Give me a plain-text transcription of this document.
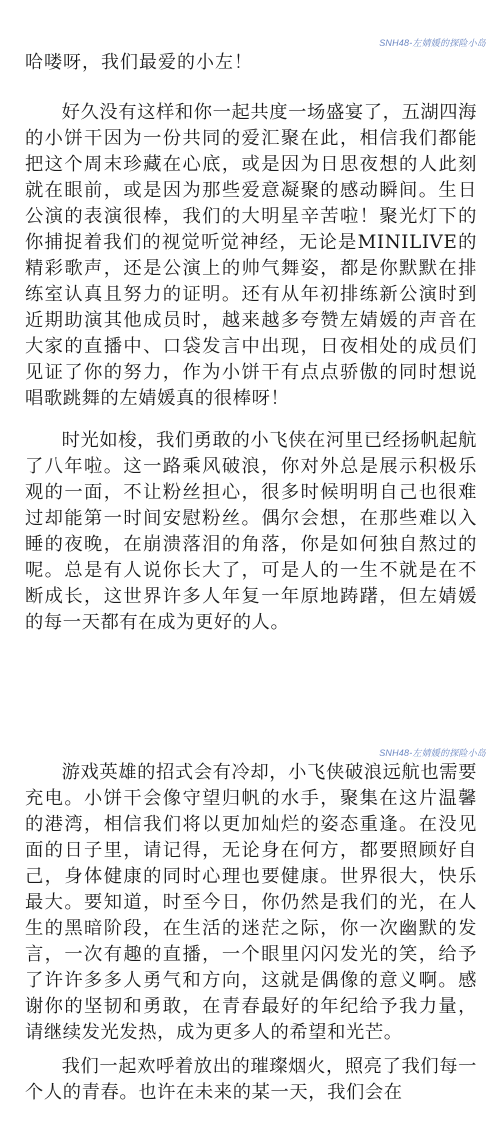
SNH48-左婧媛的探险小岛

哈喽呀，我们最爱的小左！

好久没有这样和你一起共度一场盛宴了，五湖四海的小饼干因为一份共同的爱汇聚在此，相信我们都能把这个周末珍藏在心底，或是因为日思夜想的人此刻就在眼前，或是因为那些爱意凝聚的感动瞬间。生日公演的表演很棒，我们的大明星辛苦啦！聚光灯下的你捕捉着我们的视觉听觉神经，无论是MINILIVE的精彩歌声，还是公演上的帅气舞姿，都是你默默在排练室认真且努力的证明。还有从年初排练新公演时到近期助演其他成员时，越来越多夸赞左婧媛的声音在大家的直播中、口袋发言中出现，日夜相处的成员们见证了你的努力，作为小饼干有点点骄傲的同时想说唱歌跳舞的左婧媛真的很棒呀！

时光如梭，我们勇敢的小飞侠在河里已经扬帆起航了八年啦。这一路乘风破浪，你对外总是展示积极乐观的一面，不让粉丝担心，很多时候明明自己也很难过却能第一时间安慰粉丝。偶尔会想，在那些难以入睡的夜晚，在崩溃落泪的角落，你是如何独自熬过的呢。总是有人说你长大了，可是人的一生不就是在不断成长，这世界许多人年复一年原地踌躇，但左婧媛的每一天都有在成为更好的人。

SNH48-左婧媛的探险小岛

游戏英雄的招式会有冷却，小飞侠破浪远航也需要充电。小饼干会像守望归帆的水手，聚集在这片温馨的港湾，相信我们将以更加灿烂的姿态重逢。在没见面的日子里，请记得，无论身在何方，都要照顾好自己，身体健康的同时心理也要健康。世界很大，快乐最大。要知道，时至今日，你仍然是我们的光，在人生的黑暗阶段，在生活的迷茫之际，你一次幽默的发言，一次有趣的直播，一个眼里闪闪发光的笑，给予了许许多多人勇气和方向，这就是偶像的意义啊。感谢你的坚韧和勇敢，在青春最好的年纪给予我力量，请继续发光发热，成为更多人的希望和光芒。

我们一起欢呼着放出的璀璨烟火，照亮了我们每一个人的青春。也许在未来的某一天，我们会在
